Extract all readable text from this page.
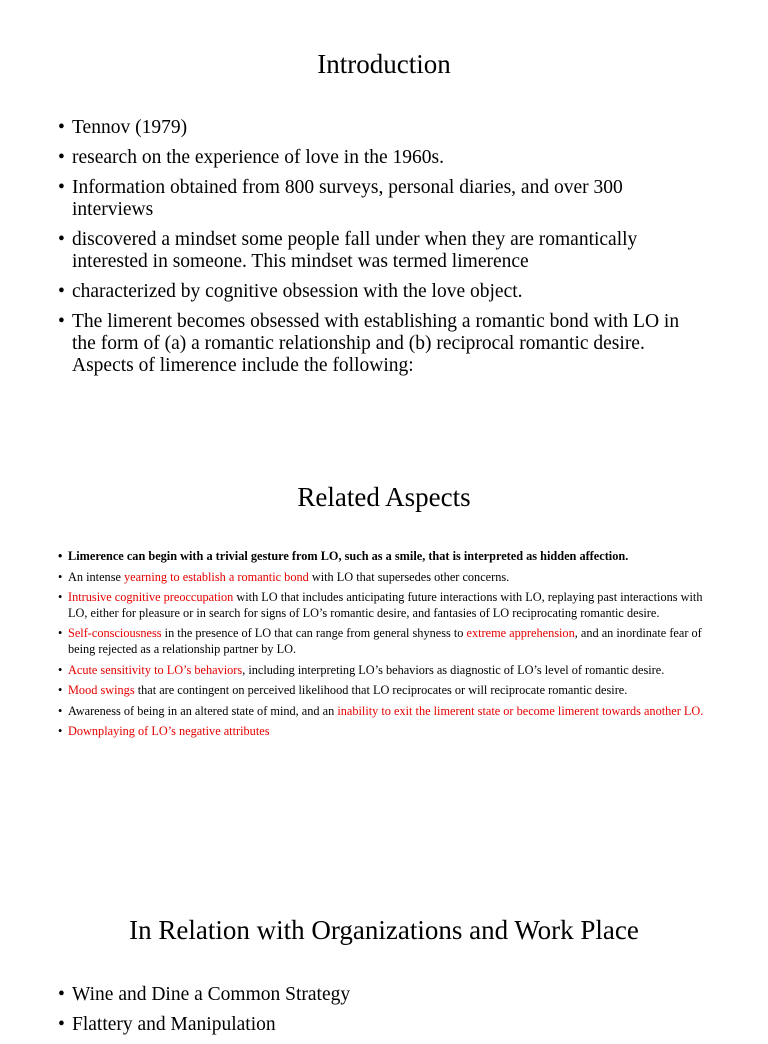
Introduction
• Tennov (1979)
• research on the experience of love in the 1960s.
• Information obtained from 800 surveys, personal diaries, and over 300 interviews
• discovered a mindset some people fall under when they are romantically interested in someone. This mindset was termed limerence
• characterized by cognitive obsession with the love object.
• The limerent becomes obsessed with establishing a romantic bond with LO in the form of (a) a romantic relationship and (b) reciprocal romantic desire. Aspects of limerence include the following:
Related Aspects
• Limerence can begin with a trivial gesture from LO, such as a smile, that is interpreted as hidden affection.
• An intense yearning to establish a romantic bond with LO that supersedes other concerns.
• Intrusive cognitive preoccupation with LO that includes anticipating future interactions with LO, replaying past interactions with LO, either for pleasure or in search for signs of LO’s romantic desire, and fantasies of LO reciprocating romantic desire.
• Self-consciousness in the presence of LO that can range from general shyness to extreme apprehension, and an inordinate fear of being rejected as a relationship partner by LO.
• Acute sensitivity to LO’s behaviors, including interpreting LO’s behaviors as diagnostic of LO’s level of romantic desire.
• Mood swings that are contingent on perceived likelihood that LO reciprocates or will reciprocate romantic desire.
• Awareness of being in an altered state of mind, and an inability to exit the limerent state or become limerent towards another LO.
• Downplaying of LO’s negative attributes
In Relation with Organizations and Work Place
• Wine and Dine a Common Strategy
• Flattery and Manipulation
